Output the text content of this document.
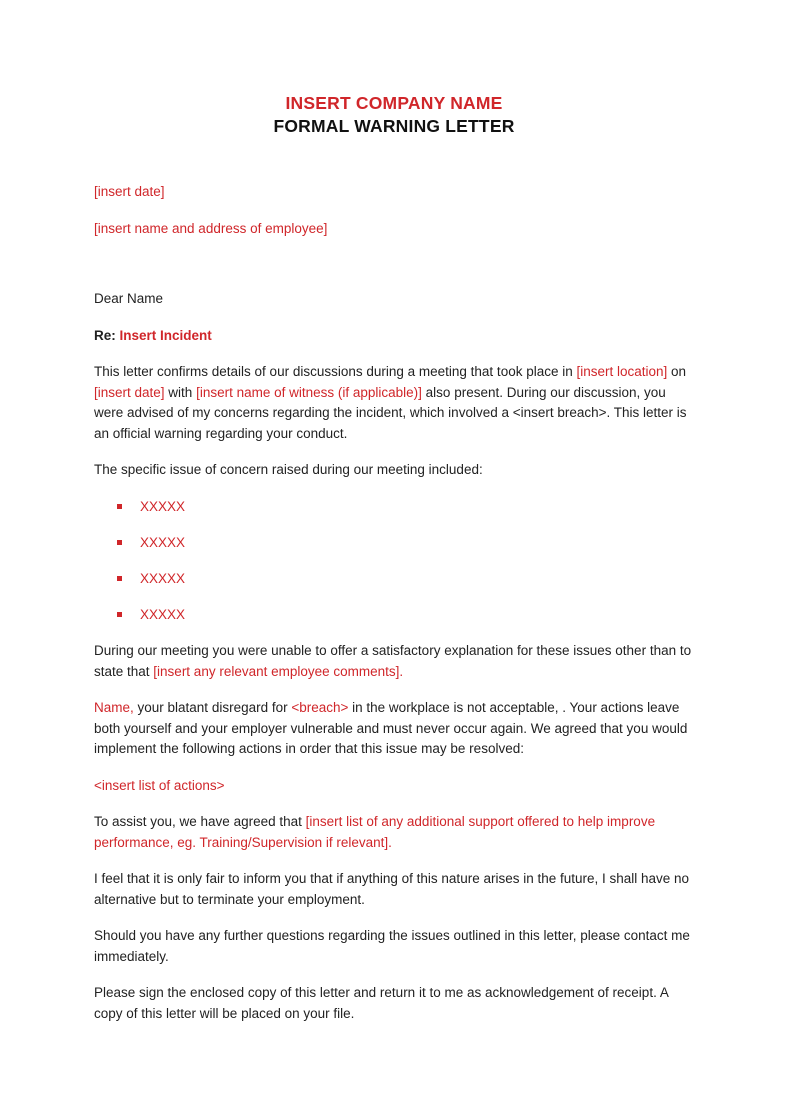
INSERT COMPANY NAME
FORMAL WARNING LETTER

[insert date]

[insert name and address of employee]

Dear Name

Re: Insert Incident

This letter confirms details of our discussions during a meeting that took place in [insert location] on [insert date] with [insert name of witness (if applicable)] also present. During our discussion, you were advised of my concerns regarding the incident, which involved a <insert breach>. This letter is an official warning regarding your conduct.

The specific issue of concern raised during our meeting included:

XXXXX
XXXXX
XXXXX
XXXXX

During our meeting you were unable to offer a satisfactory explanation for these issues other than to state that [insert any relevant employee comments].

Name, your blatant disregard for <breach> in the workplace is not acceptable, . Your actions leave both yourself and your employer vulnerable and must never occur again. We agreed that you would implement the following actions in order that this issue may be resolved:

<insert list of actions>

To assist you, we have agreed that [insert list of any additional support offered to help improve performance, eg. Training/Supervision if relevant].

I feel that it is only fair to inform you that if anything of this nature arises in the future, I shall have no alternative but to terminate your employment.

Should you have any further questions regarding the issues outlined in this letter, please contact me immediately.

Please sign the enclosed copy of this letter and return it to me as acknowledgement of receipt. A copy of this letter will be placed on your file.
